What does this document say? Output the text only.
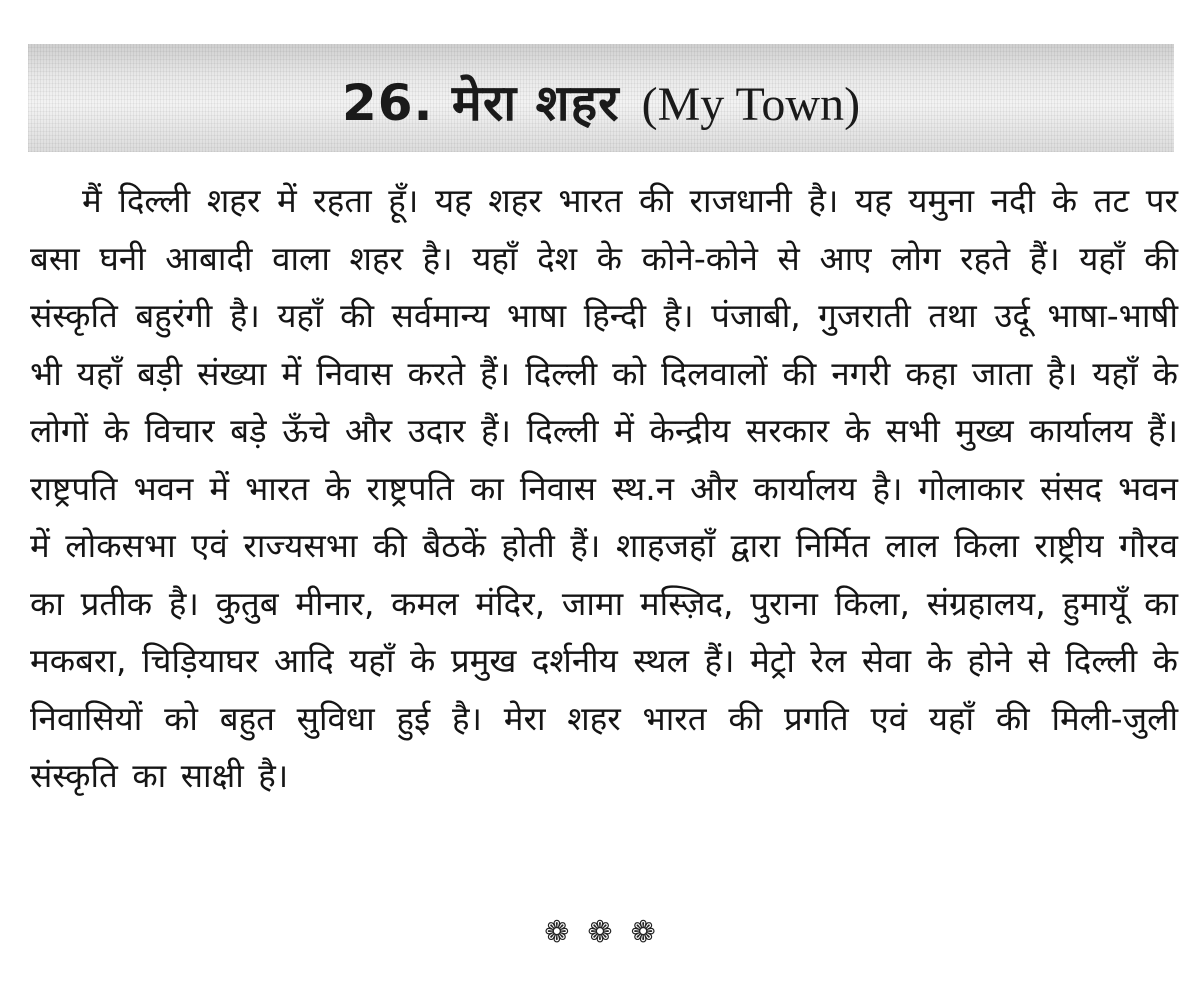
26. मेरा शहर (My Town)

मैं दिल्ली शहर में रहता हूँ। यह शहर भारत की राजधानी है। यह यमुना नदी के तट पर बसा घनी आबादी वाला शहर है। यहाँ देश के कोने-कोने से आए लोग रहते हैं। यहाँ की संस्कृति बहुरंगी है। यहाँ की सर्वमान्य भाषा हिन्दी है। पंजाबी, गुजराती तथा उर्दू भाषा-भाषी भी यहाँ बड़ी संख्या में निवास करते हैं। दिल्ली को दिलवालों की नगरी कहा जाता है। यहाँ के लोगों के विचार बड़े ऊँचे और उदार हैं। दिल्ली में केन्द्रीय सरकार के सभी मुख्य कार्यालय हैं। राष्ट्रपति भवन में भारत के राष्ट्रपति का निवास स्थ.न और कार्यालय है। गोलाकार संसद भवन में लोकसभा एवं राज्यसभा की बैठकें होती हैं। शाहजहाँ द्वारा निर्मित लाल किला राष्ट्रीय गौरव का प्रतीक है। कुतुब मीनार, कमल मंदिर, जामा मस्ज़िद, पुराना किला, संग्रहालय, हुमायूँ का मकबरा, चिड़ियाघर आदि यहाँ के प्रमुख दर्शनीय स्थल हैं। मेट्रो रेल सेवा के होने से दिल्ली के निवासियों को बहुत सुविधा हुई है। मेरा शहर भारत की प्रगति एवं यहाँ की मिली-जुली संस्कृति का साक्षी है।

❁ ❁ ❁
